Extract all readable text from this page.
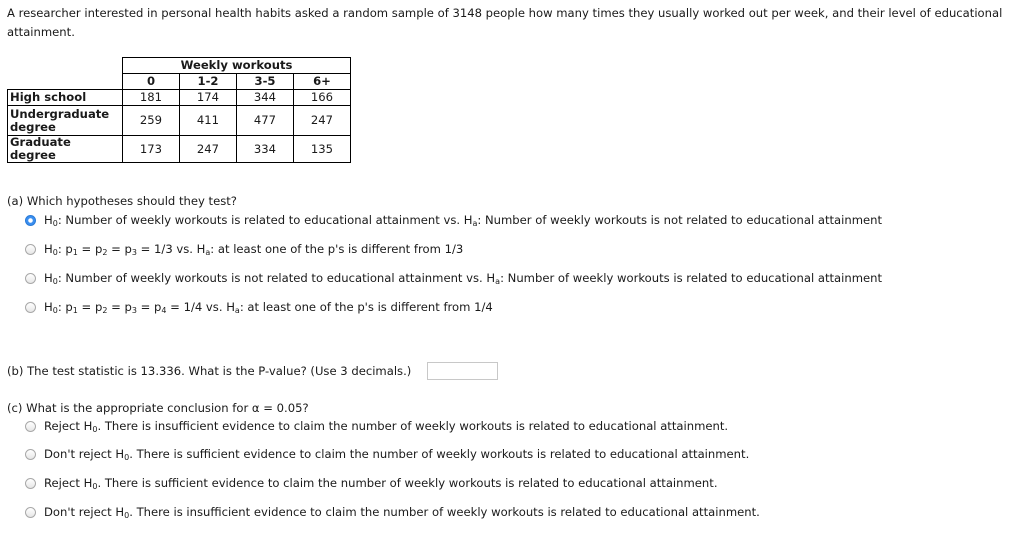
A researcher interested in personal health habits asked a random sample of 3148 people how many times they usually worked out per week, and their level of educational attainment.
	Weekly workouts			
	0	1-2	3-5	6+
High school	181	174	344	166
Undergraduate degree	259	411	477	247
Graduate degree	173	247	334	135
(a) Which hypotheses should they test?
$H_0$: Number of weekly workouts is related to educational attainment vs. $H_a$: Number of weekly workouts is not related to educational attainment
$H_0$: $p_1 = p_2 = p_3 = 1/3$ vs. $H_a$: at least one of the p's is different from 1/3
$H_0$: Number of weekly workouts is not related to educational attainment vs. $H_a$: Number of weekly workouts is related to educational attainment
$H_0$: $p_1 = p_2 = p_3 = p_4 = 1/4$ vs. $H_a$: at least one of the p's is different from 1/4
(b) The test statistic is 13.336. What is the P-value? (Use 3 decimals.)
(c) What is the appropriate conclusion for α = 0.05?
Reject $H_0$. There is insufficient evidence to claim the number of weekly workouts is related to educational attainment.
Don't reject $H_0$. There is sufficient evidence to claim the number of weekly workouts is related to educational attainment.
Reject $H_0$. There is sufficient evidence to claim the number of weekly workouts is related to educational attainment.
Don't reject $H_0$. There is insufficient evidence to claim the number of weekly workouts is related to educational attainment.
